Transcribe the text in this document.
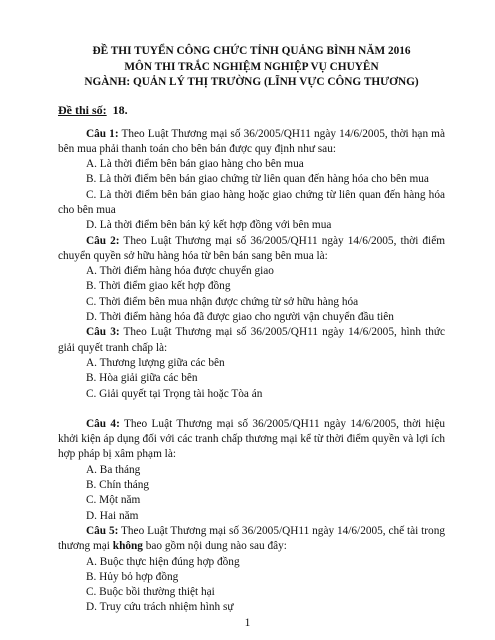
ĐỀ THI TUYỂN CÔNG CHỨC TỈNH QUẢNG BÌNH NĂM 2016
MÔN THI TRẮC NGHIỆM NGHIỆP VỤ CHUYÊN
NGÀNH: QUẢN LÝ THỊ TRƯỜNG (LĨNH VỰC CÔNG THƯƠNG)
Đề thi số: 18.

Câu 1: Theo Luật Thương mại số 36/2005/QH11 ngày 14/6/2005, thời hạn mà bên mua phải thanh toán cho bên bán được quy định như sau:

A. Là thời điểm bên bán giao hàng cho bên mua

B. Là thời điểm bên bán giao chứng từ liên quan đến hàng hóa cho bên mua

C. Là thời điểm bên bán giao hàng hoặc giao chứng từ liên quan đến hàng hóa cho bên mua

D. Là thời điểm bên bán ký kết hợp đồng với bên mua

Câu 2: Theo Luật Thương mại số 36/2005/QH11 ngày 14/6/2005, thời điểm chuyển quyền sở hữu hàng hóa từ bên bán sang bên mua là:

A. Thời điểm hàng hóa được chuyển giao

B. Thời điểm giao kết hợp đồng

C. Thời điểm bên mua nhận được chứng từ sở hữu hàng hóa

D. Thời điểm hàng hóa đã được giao cho người vận chuyển đầu tiên

Câu 3: Theo Luật Thương mại số 36/2005/QH11 ngày 14/6/2005, hình thức giải quyết tranh chấp là:

A. Thương lượng giữa các bên

B. Hòa giải giữa các bên

C. Giải quyết tại Trọng tài hoặc Tòa án

Câu 4: Theo Luật Thương mại số 36/2005/QH11 ngày 14/6/2005, thời hiệu khởi kiện áp dụng đối với các tranh chấp thương mại kể từ thời điểm quyền và lợi ích hợp pháp bị xâm phạm là:

A. Ba tháng

B. Chín tháng

C. Một năm

D. Hai năm

Câu 5: Theo Luật Thương mại số 36/2005/QH11 ngày 14/6/2005, chế tài trong thương mại không bao gồm nội dung nào sau đây:

A. Buộc thực hiện đúng hợp đồng

B. Hủy bỏ hợp đồng

C. Buộc bồi thường thiệt hại

D. Truy cứu trách nhiệm hình sự

1
